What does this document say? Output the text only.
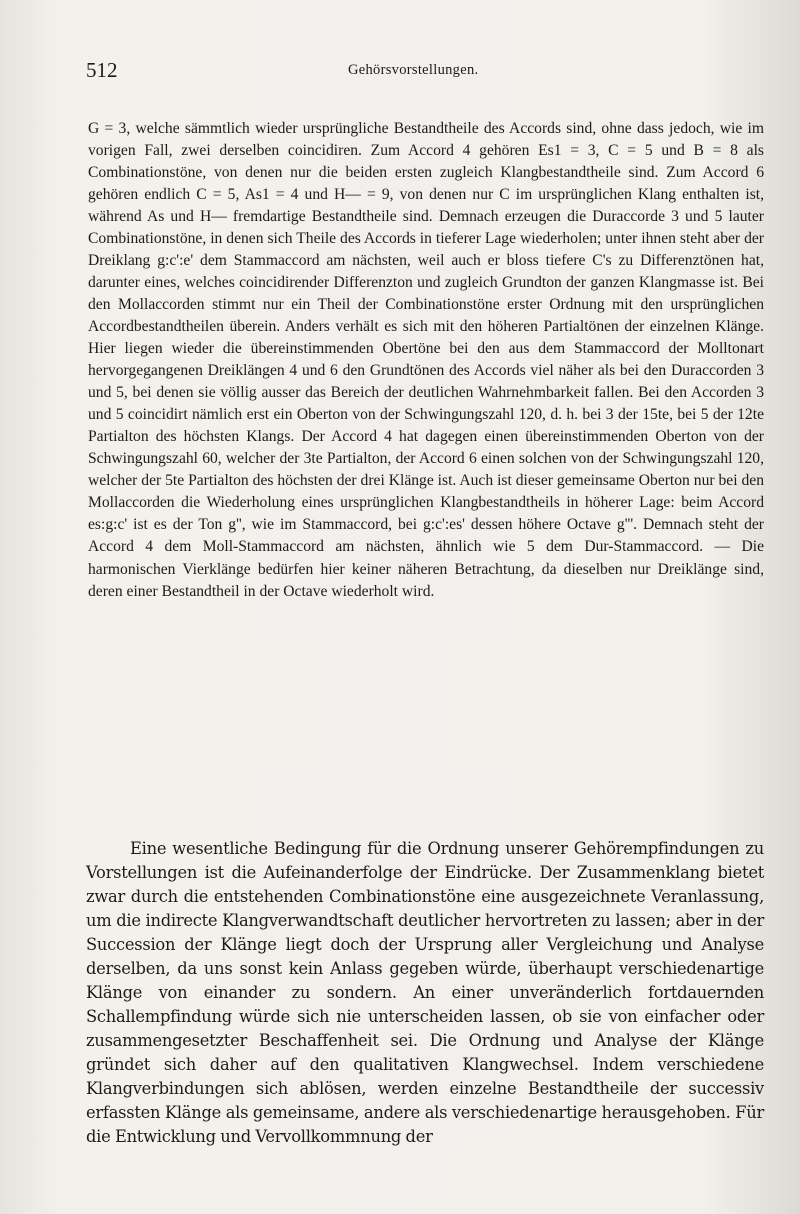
512	Gehörsvorstellungen.

G = 3, welche sämmtlich wieder ursprüngliche Bestandtheile des Accords sind, ohne dass jedoch, wie im vorigen Fall, zwei derselben coincidiren. Zum Accord 4 gehören Es1 = 3, C = 5 und B = 8 als Combinationstöne, von denen nur die beiden ersten zugleich Klangbestandtheile sind. Zum Accord 6 gehören endlich C = 5, As1 = 4 und H— = 9, von denen nur C im ursprünglichen Klang enthalten ist, während As und H— fremdartige Bestandtheile sind. Demnach erzeugen die Duraccorde 3 und 5 lauter Combinationstöne, in denen sich Theile des Accords in tieferer Lage wiederholen; unter ihnen steht aber der Dreiklang g:c':e' dem Stammaccord am nächsten, weil auch er bloss tiefere C's zu Differenztönen hat, darunter eines, welches coincidirender Differenzton und zugleich Grundton der ganzen Klangmasse ist. Bei den Mollaccorden stimmt nur ein Theil der Combinationstöne erster Ordnung mit den ursprünglichen Accordbestandtheilen überein. Anders verhält es sich mit den höheren Partialtönen der einzelnen Klänge. Hier liegen wieder die übereinstimmenden Obertöne bei den aus dem Stammaccord der Molltonart hervorgegangenen Dreiklängen 4 und 6 den Grundtönen des Accords viel näher als bei den Duraccorden 3 und 5, bei denen sie völlig ausser das Bereich der deutlichen Wahrnehmbarkeit fallen. Bei den Accorden 3 und 5 coincidirt nämlich erst ein Oberton von der Schwingungszahl 120, d. h. bei 3 der 15te, bei 5 der 12te Partialton des höchsten Klangs. Der Accord 4 hat dagegen einen übereinstimmenden Oberton von der Schwingungszahl 60, welcher der 3te Partialton, der Accord 6 einen solchen von der Schwingungszahl 120, welcher der 5te Partialton des höchsten der drei Klänge ist. Auch ist dieser gemeinsame Oberton nur bei den Mollaccorden die Wiederholung eines ursprünglichen Klangbestandtheils in höherer Lage: beim Accord es:g:c' ist es der Ton g'', wie im Stammaccord, bei g:c':es' dessen höhere Octave g'''. Demnach steht der Accord 4 dem Moll-Stammaccord am nächsten, ähnlich wie 5 dem Dur-Stammaccord. — Die harmonischen Vierklänge bedürfen hier keiner näheren Betrachtung, da dieselben nur Dreiklänge sind, deren einer Bestandtheil in der Octave wiederholt wird.

Eine wesentliche Bedingung für die Ordnung unserer Gehörempfindungen zu Vorstellungen ist die Aufeinanderfolge der Eindrücke. Der Zusammenklang bietet zwar durch die entstehenden Combinationstöne eine ausgezeichnete Veranlassung, um die indirecte Klangverwandtschaft deutlicher hervortreten zu lassen; aber in der Succession der Klänge liegt doch der Ursprung aller Vergleichung und Analyse derselben, da uns sonst kein Anlass gegeben würde, überhaupt verschiedenartige Klänge von einander zu sondern. An einer unveränderlich fortdauernden Schallempfindung würde sich nie unterscheiden lassen, ob sie von einfacher oder zusammengesetzter Beschaffenheit sei. Die Ordnung und Analyse der Klänge gründet sich daher auf den qualitativen Klangwechsel. Indem verschiedene Klangverbindungen sich ablösen, werden einzelne Bestandtheile der successiv erfassten Klänge als gemeinsame, andere als verschiedenartige herausgehoben. Für die Entwicklung und Vervollkommnung der
